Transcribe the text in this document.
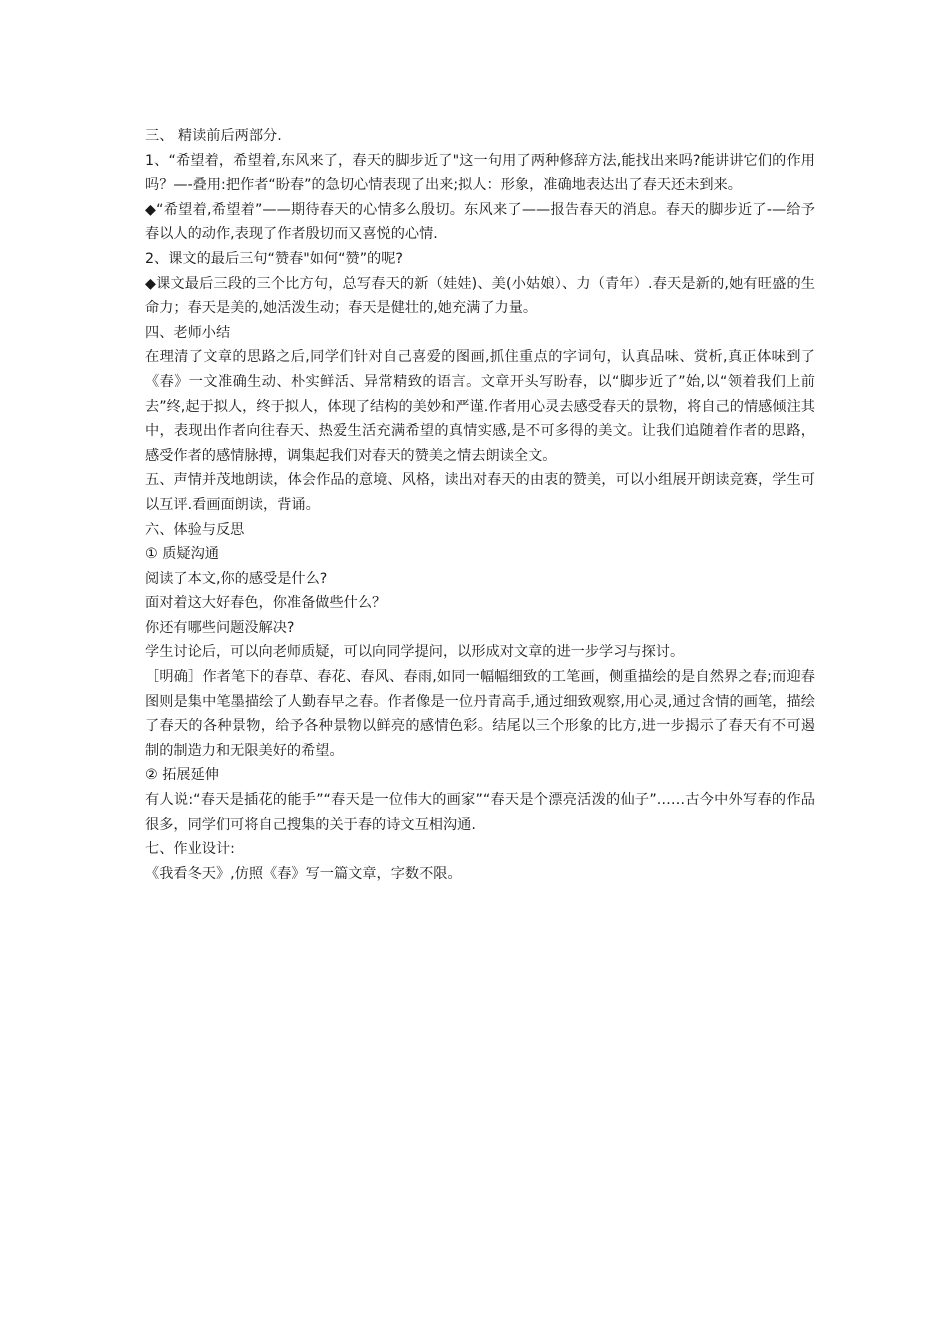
三、 精读前后两部分.

1、“希望着，希望着,东风来了，春天的脚步近了"这一句用了两种修辞方法,能找出来吗?能讲讲它们的作用吗？—-叠用:把作者“盼春”的急切心情表现了出来;拟人：形象，准确地表达出了春天还未到来。

◆“希望着,希望着”——期待春天的心情多么殷切。东风来了——报告春天的消息。春天的脚步近了-—给予春以人的动作,表现了作者殷切而又喜悦的心情.

2、课文的最后三句“赞春"如何“赞”的呢?

◆课文最后三段的三个比方句，总写春天的新（娃娃)、美(小姑娘）、力（青年）.春天是新的,她有旺盛的生命力；春天是美的,她活泼生动；春天是健壮的,她充满了力量。

四、老师小结

在理清了文章的思路之后,同学们针对自己喜爱的图画,抓住重点的字词句，认真品味、赏析,真正体味到了《春》一文准确生动、朴实鲜活、异常精致的语言。文章开头写盼春，以“脚步近了”始,以“领着我们上前去”终,起于拟人，终于拟人，体现了结构的美妙和严谨.作者用心灵去感受春天的景物，将自己的情感倾注其中，表现出作者向往春天、热爱生活充满希望的真情实感,是不可多得的美文。让我们追随着作者的思路，感受作者的感情脉搏，调集起我们对春天的赞美之情去朗读全文。

五、声情并茂地朗读，体会作品的意境、风格，读出对春天的由衷的赞美，可以小组展开朗读竞赛，学生可以互评.看画面朗读，背诵。

六、体验与反思

① 质疑沟通

阅读了本文,你的感受是什么?

面对着这大好春色，你准备做些什么？

你还有哪些问题没解决?

学生讨论后，可以向老师质疑，可以向同学提问，以形成对文章的进一步学习与探讨。

［明确］作者笔下的春草、春花、春风、春雨,如同一幅幅细致的工笔画，侧重描绘的是自然界之春;而迎春图则是集中笔墨描绘了人勤春早之春。作者像是一位丹青高手,通过细致观察,用心灵,通过含情的画笔，描绘了春天的各种景物，给予各种景物以鲜亮的感情色彩。结尾以三个形象的比方,进一步揭示了春天有不可遏制的制造力和无限美好的希望。

② 拓展延伸

有人说:“春天是插花的能手”“春天是一位伟大的画家”“春天是个漂亮活泼的仙子”……古今中外写春的作品很多，同学们可将自己搜集的关于春的诗文互相沟通.

七、作业设计:

《我看冬天》,仿照《春》写一篇文章，字数不限。
